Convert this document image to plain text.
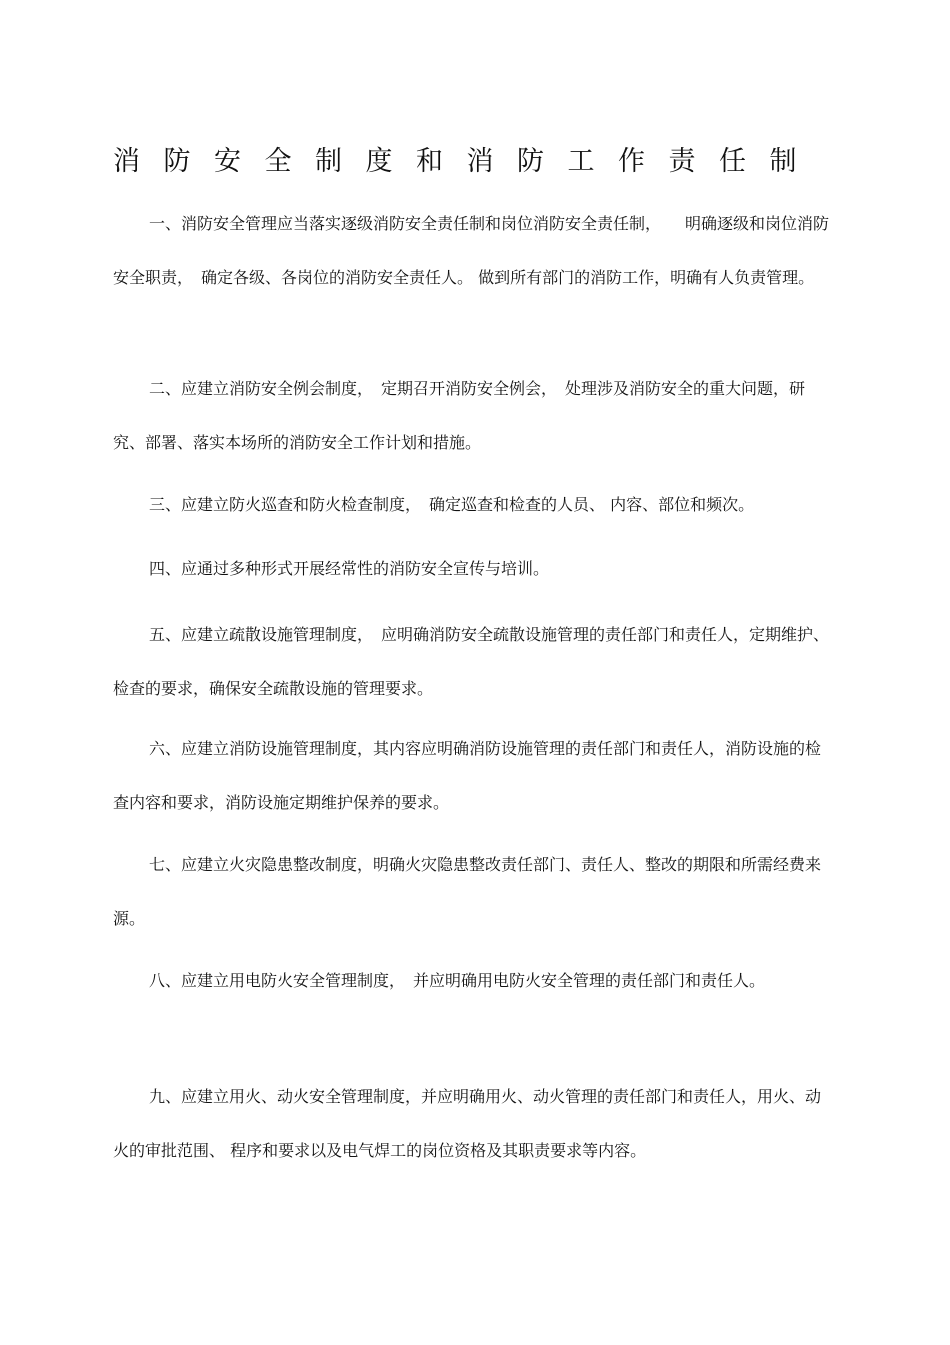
消防安全制度和消防工作责任制

一、消防安全管理应当落实逐级消防安全责任制和岗位消防安全责任制，　　明确逐级和岗位消防安全职责，　确定各级、各岗位的消防安全责任人。 做到所有部门的消防工作，明确有人负责管理。

二、应建立消防安全例会制度，　定期召开消防安全例会，　处理涉及消防安全的重大问题，研究、部署、落实本场所的消防安全工作计划和措施。

三、应建立防火巡查和防火检查制度，　确定巡查和检查的人员、 内容、部位和频次。

四、应通过多种形式开展经常性的消防安全宣传与培训。

五、应建立疏散设施管理制度，　应明确消防安全疏散设施管理的责任部门和责任人，定期维护、检查的要求，确保安全疏散设施的管理要求。

六、应建立消防设施管理制度，其内容应明确消防设施管理的责任部门和责任人，消防设施的检查内容和要求，消防设施定期维护保养的要求。

七、应建立火灾隐患整改制度，明确火灾隐患整改责任部门、责任人、整改的期限和所需经费来源。

八、应建立用电防火安全管理制度，　并应明确用电防火安全管理的责任部门和责任人。

九、应建立用火、动火安全管理制度，并应明确用火、动火管理的责任部门和责任人，用火、动火的审批范围、 程序和要求以及电气焊工的岗位资格及其职责要求等内容。
